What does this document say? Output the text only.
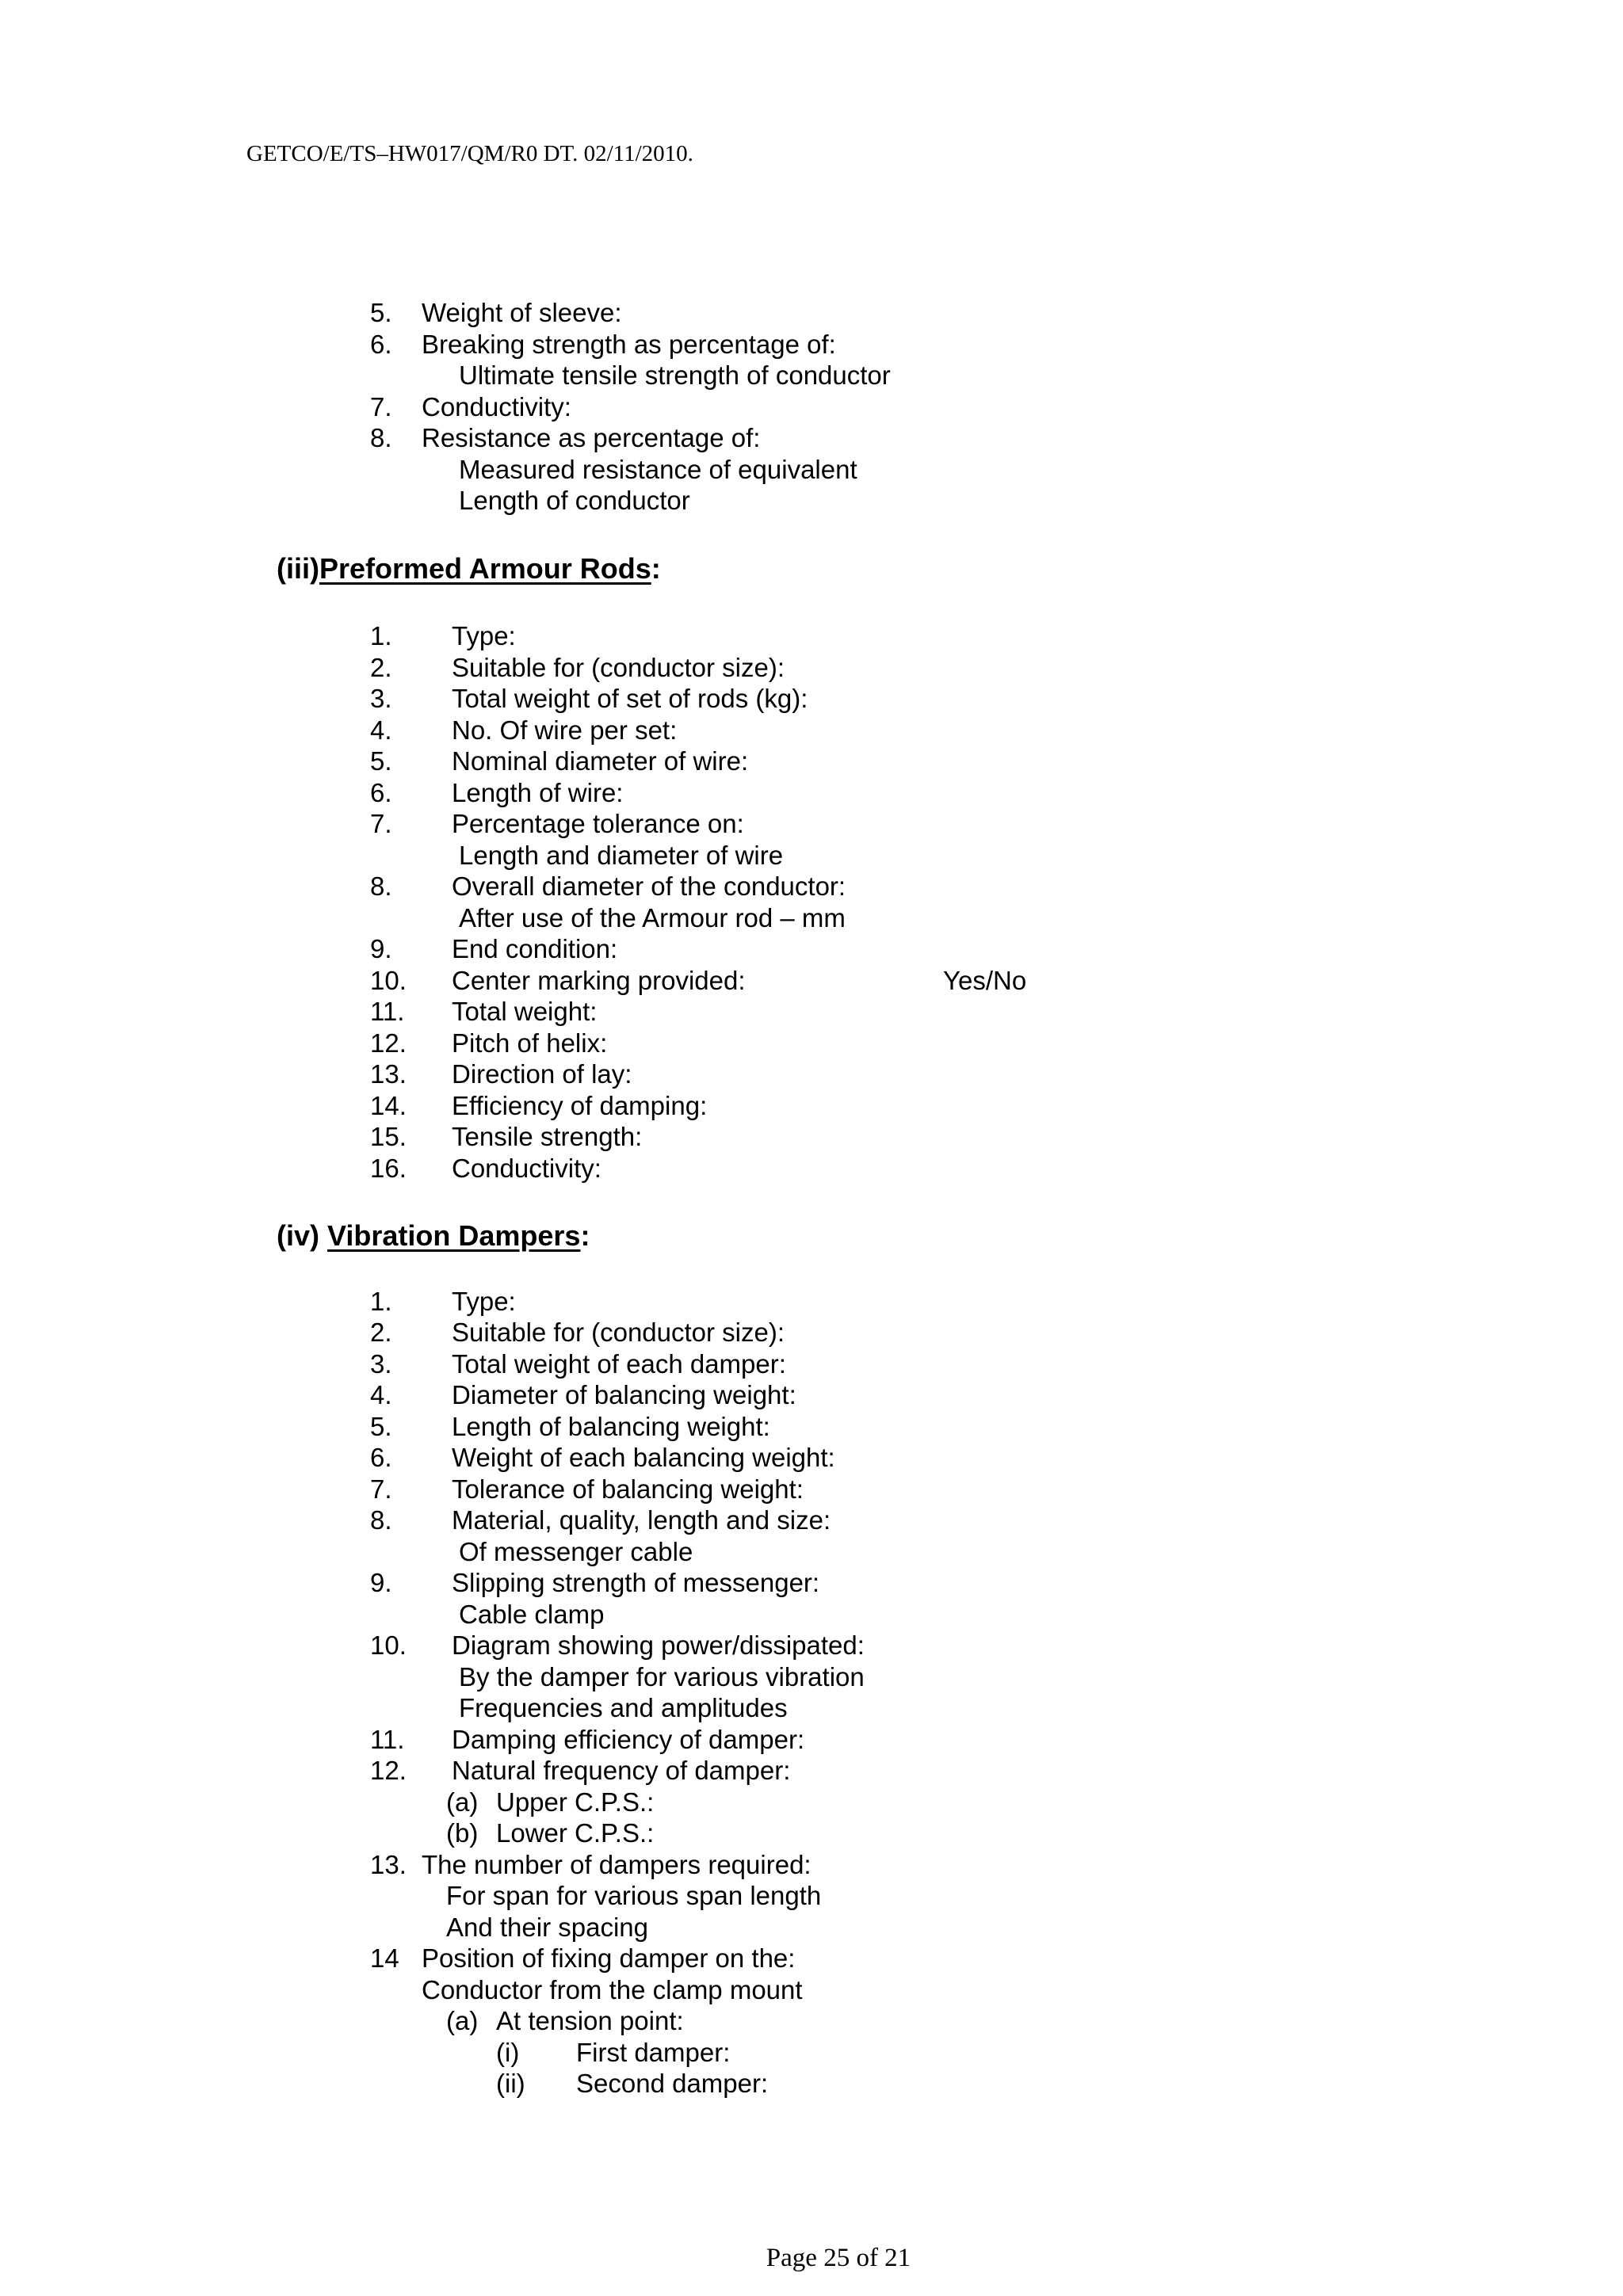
GETCO/E/TS–HW017/QM/R0 DT. 02/11/2010.
5. Weight of sleeve:
6. Breaking strength as percentage of:
Ultimate tensile strength of conductor
7. Conductivity:
8. Resistance as percentage of:
Measured resistance of equivalent
Length of conductor
(iii)Preformed Armour Rods:
1. Type:
2. Suitable for (conductor size):
3. Total weight of set of rods (kg):
4. No. Of wire per set:
5. Nominal diameter of wire:
6. Length of wire:
7. Percentage tolerance on:
Length and diameter of wire
8. Overall diameter of the conductor:
After use of the Armour rod – mm
9. End condition:
10. Center marking provided:	Yes/No
11. Total weight:
12. Pitch of helix:
13. Direction of lay:
14. Efficiency of damping:
15. Tensile strength:
16. Conductivity:
(iv) Vibration Dampers:
1. Type:
2. Suitable for (conductor size):
3. Total weight of each damper:
4. Diameter of balancing weight:
5. Length of balancing weight:
6. Weight of each balancing weight:
7. Tolerance of balancing weight:
8. Material, quality, length and size:
Of messenger cable
9. Slipping strength of messenger:
Cable clamp
10. Diagram showing power/dissipated:
By the damper for various vibration
Frequencies and amplitudes
11. Damping efficiency of damper:
12. Natural frequency of damper:
(a) Upper C.P.S.:
(b) Lower C.P.S.:
13. The number of dampers required:
For span for various span length
And their spacing
14 Position of fixing damper on the:
Conductor from the clamp mount
(a) At tension point:
(i) First damper:
(ii) Second damper:
Page 25 of 21
